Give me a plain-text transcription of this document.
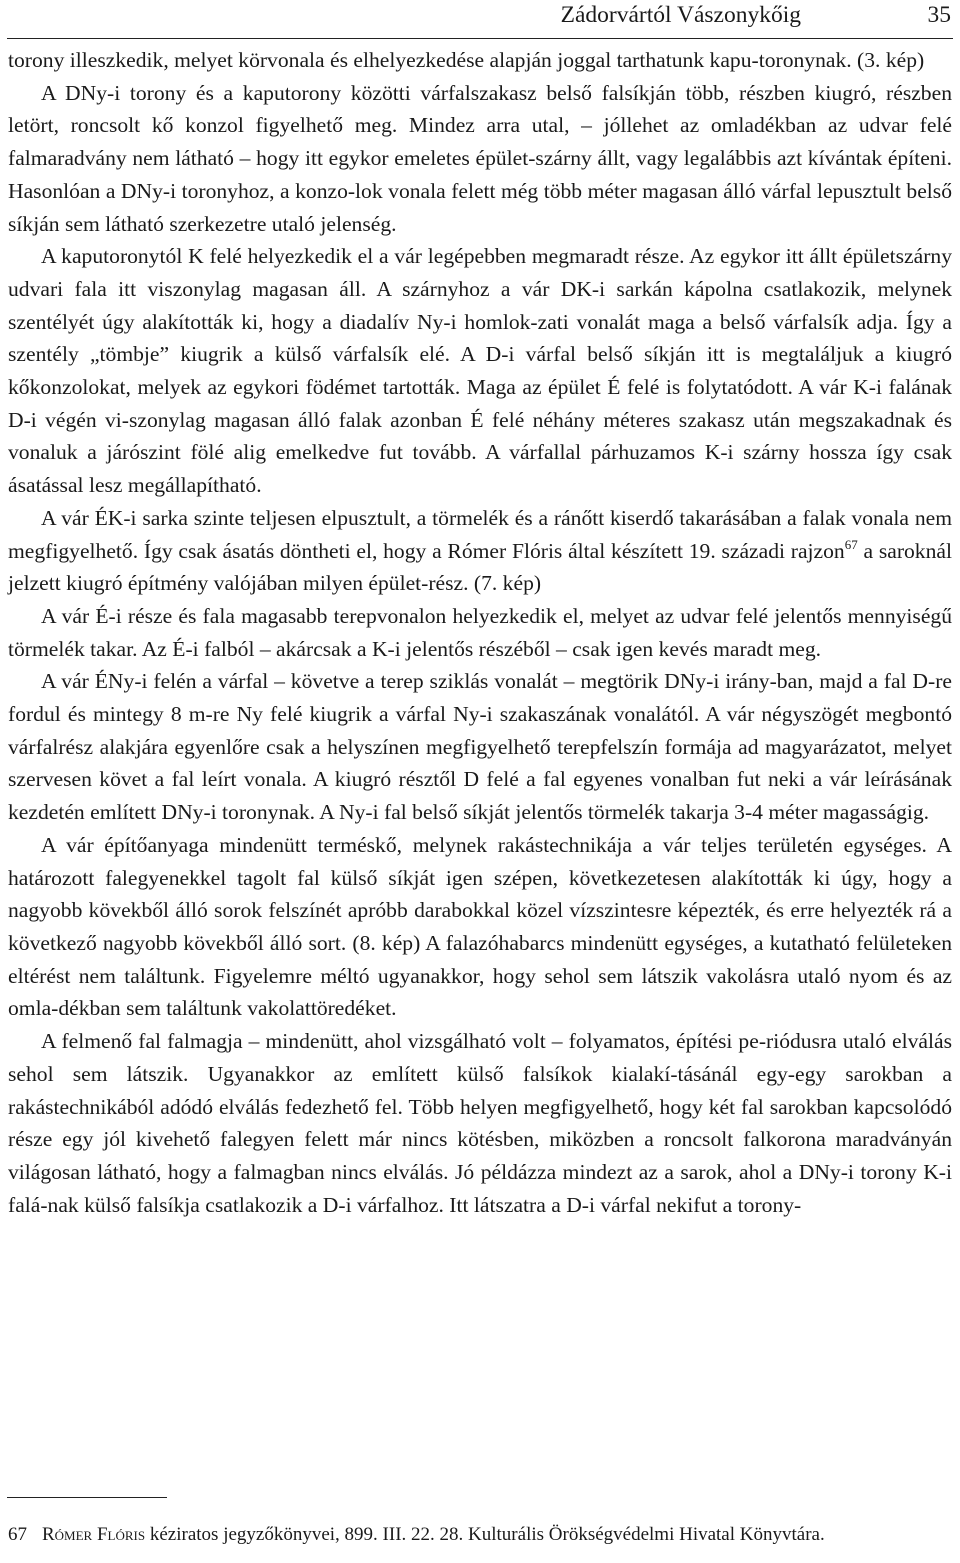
Zádorvártól Vászonykőig	35

torony illeszkedik, melyet körvonala és elhelyezkedése alapján joggal tarthatunk kapu-toronynak. (3. kép)

A DNy-i torony és a kaputorony közötti várfalszakasz belső falsíkján több, részben kiugró, részben letört, roncsolt kő konzol figyelhető meg. Mindez arra utal, – jóllehet az omladékban az udvar felé falmaradvány nem látható – hogy itt egykor emeletes épület-szárny állt, vagy legalábbis azt kívántak építeni. Hasonlóan a DNy-i toronyhoz, a konzo-lok vonala felett még több méter magasan álló várfal lepusztult belső síkján sem látható szerkezetre utaló jelenség.

A kaputoronytól K felé helyezkedik el a vár legépebben megmaradt része. Az egykor itt állt épületszárny udvari fala itt viszonylag magasan áll. A szárnyhoz a vár DK-i sarkán kápolna csatlakozik, melynek szentélyét úgy alakították ki, hogy a diadalív Ny-i homlok-zati vonalát maga a belső várfalsík adja. Így a szentély „tömbje” kiugrik a külső várfalsík elé. A D-i várfal belső síkján itt is megtaláljuk a kiugró kőkonzolokat, melyek az egykori födémet tartották. Maga az épület É felé is folytatódott. A vár K-i falának D-i végén vi-szonylag magasan álló falak azonban É felé néhány méteres szakasz után megszakadnak és vonaluk a járószint fölé alig emelkedve fut tovább. A várfallal párhuzamos K-i szárny hossza így csak ásatással lesz megállapítható.

A vár ÉK-i sarka szinte teljesen elpusztult, a törmelék és a ránőtt kiserdő takarásában a falak vonala nem megfigyelhető. Így csak ásatás döntheti el, hogy a Rómer Flóris által készített 19. századi rajzon$^{67}$ a saroknál jelzett kiugró építmény valójában milyen épület-rész. (7. kép)

A vár É-i része és fala magasabb terepvonalon helyezkedik el, melyet az udvar felé jelentős mennyiségű törmelék takar. Az É-i falból – akárcsak a K-i jelentős részéből – csak igen kevés maradt meg.

A vár ÉNy-i felén a várfal – követve a terep sziklás vonalát – megtörik DNy-i irány-ban, majd a fal D-re fordul és mintegy 8 m-re Ny felé kiugrik a várfal Ny-i szakaszának vonalától. A vár négyszögét megbontó várfalrész alakjára egyenlőre csak a helyszínen megfigyelhető terepfelszín formája ad magyarázatot, melyet szervesen követ a fal leírt vonala. A kiugró résztől D felé a fal egyenes vonalban fut neki a vár leírásának kezdetén említett DNy-i toronynak. A Ny-i fal belső síkját jelentős törmelék takarja 3-4 méter magasságig.

A vár építőanyaga mindenütt terméskő, melynek rakástechnikája a vár teljes területén egységes. A határozott falegyenekkel tagolt fal külső síkját igen szépen, következetesen alakították ki úgy, hogy a nagyobb kövekből álló sorok felszínét apróbb darabokkal közel vízszintesre képezték, és erre helyezték rá a következő nagyobb kövekből álló sort. (8. kép) A falazóhabarcs mindenütt egységes, a kutatható felületeken eltérést nem találtunk. Figyelemre méltó ugyanakkor, hogy sehol sem látszik vakolásra utaló nyom és az omla-dékban sem találtunk vakolattöredéket.

A felmenő fal falmagja – mindenütt, ahol vizsgálható volt – folyamatos, építési pe-riódusra utaló elválás sehol sem látszik. Ugyanakkor az említett külső falsíkok kialakí-tásánál egy-egy sarokban a rakástechnikából adódó elválás fedezhető fel. Több helyen megfigyelhető, hogy két fal sarokban kapcsolódó része egy jól kivehető falegyen felett már nincs kötésben, miközben a roncsolt falkorona maradványán világosan látható, hogy a falmagban nincs elválás. Jó példázza mindezt az a sarok, ahol a DNy-i torony K-i falá-nak külső falsíkja csatlakozik a D-i várfalhoz. Itt látszatra a D-i várfal nekifut a torony-

67 Rómer Flóris kéziratos jegyzőkönyvei, 899. III. 22. 28. Kulturális Örökségvédelmi Hivatal Könyvtára.
